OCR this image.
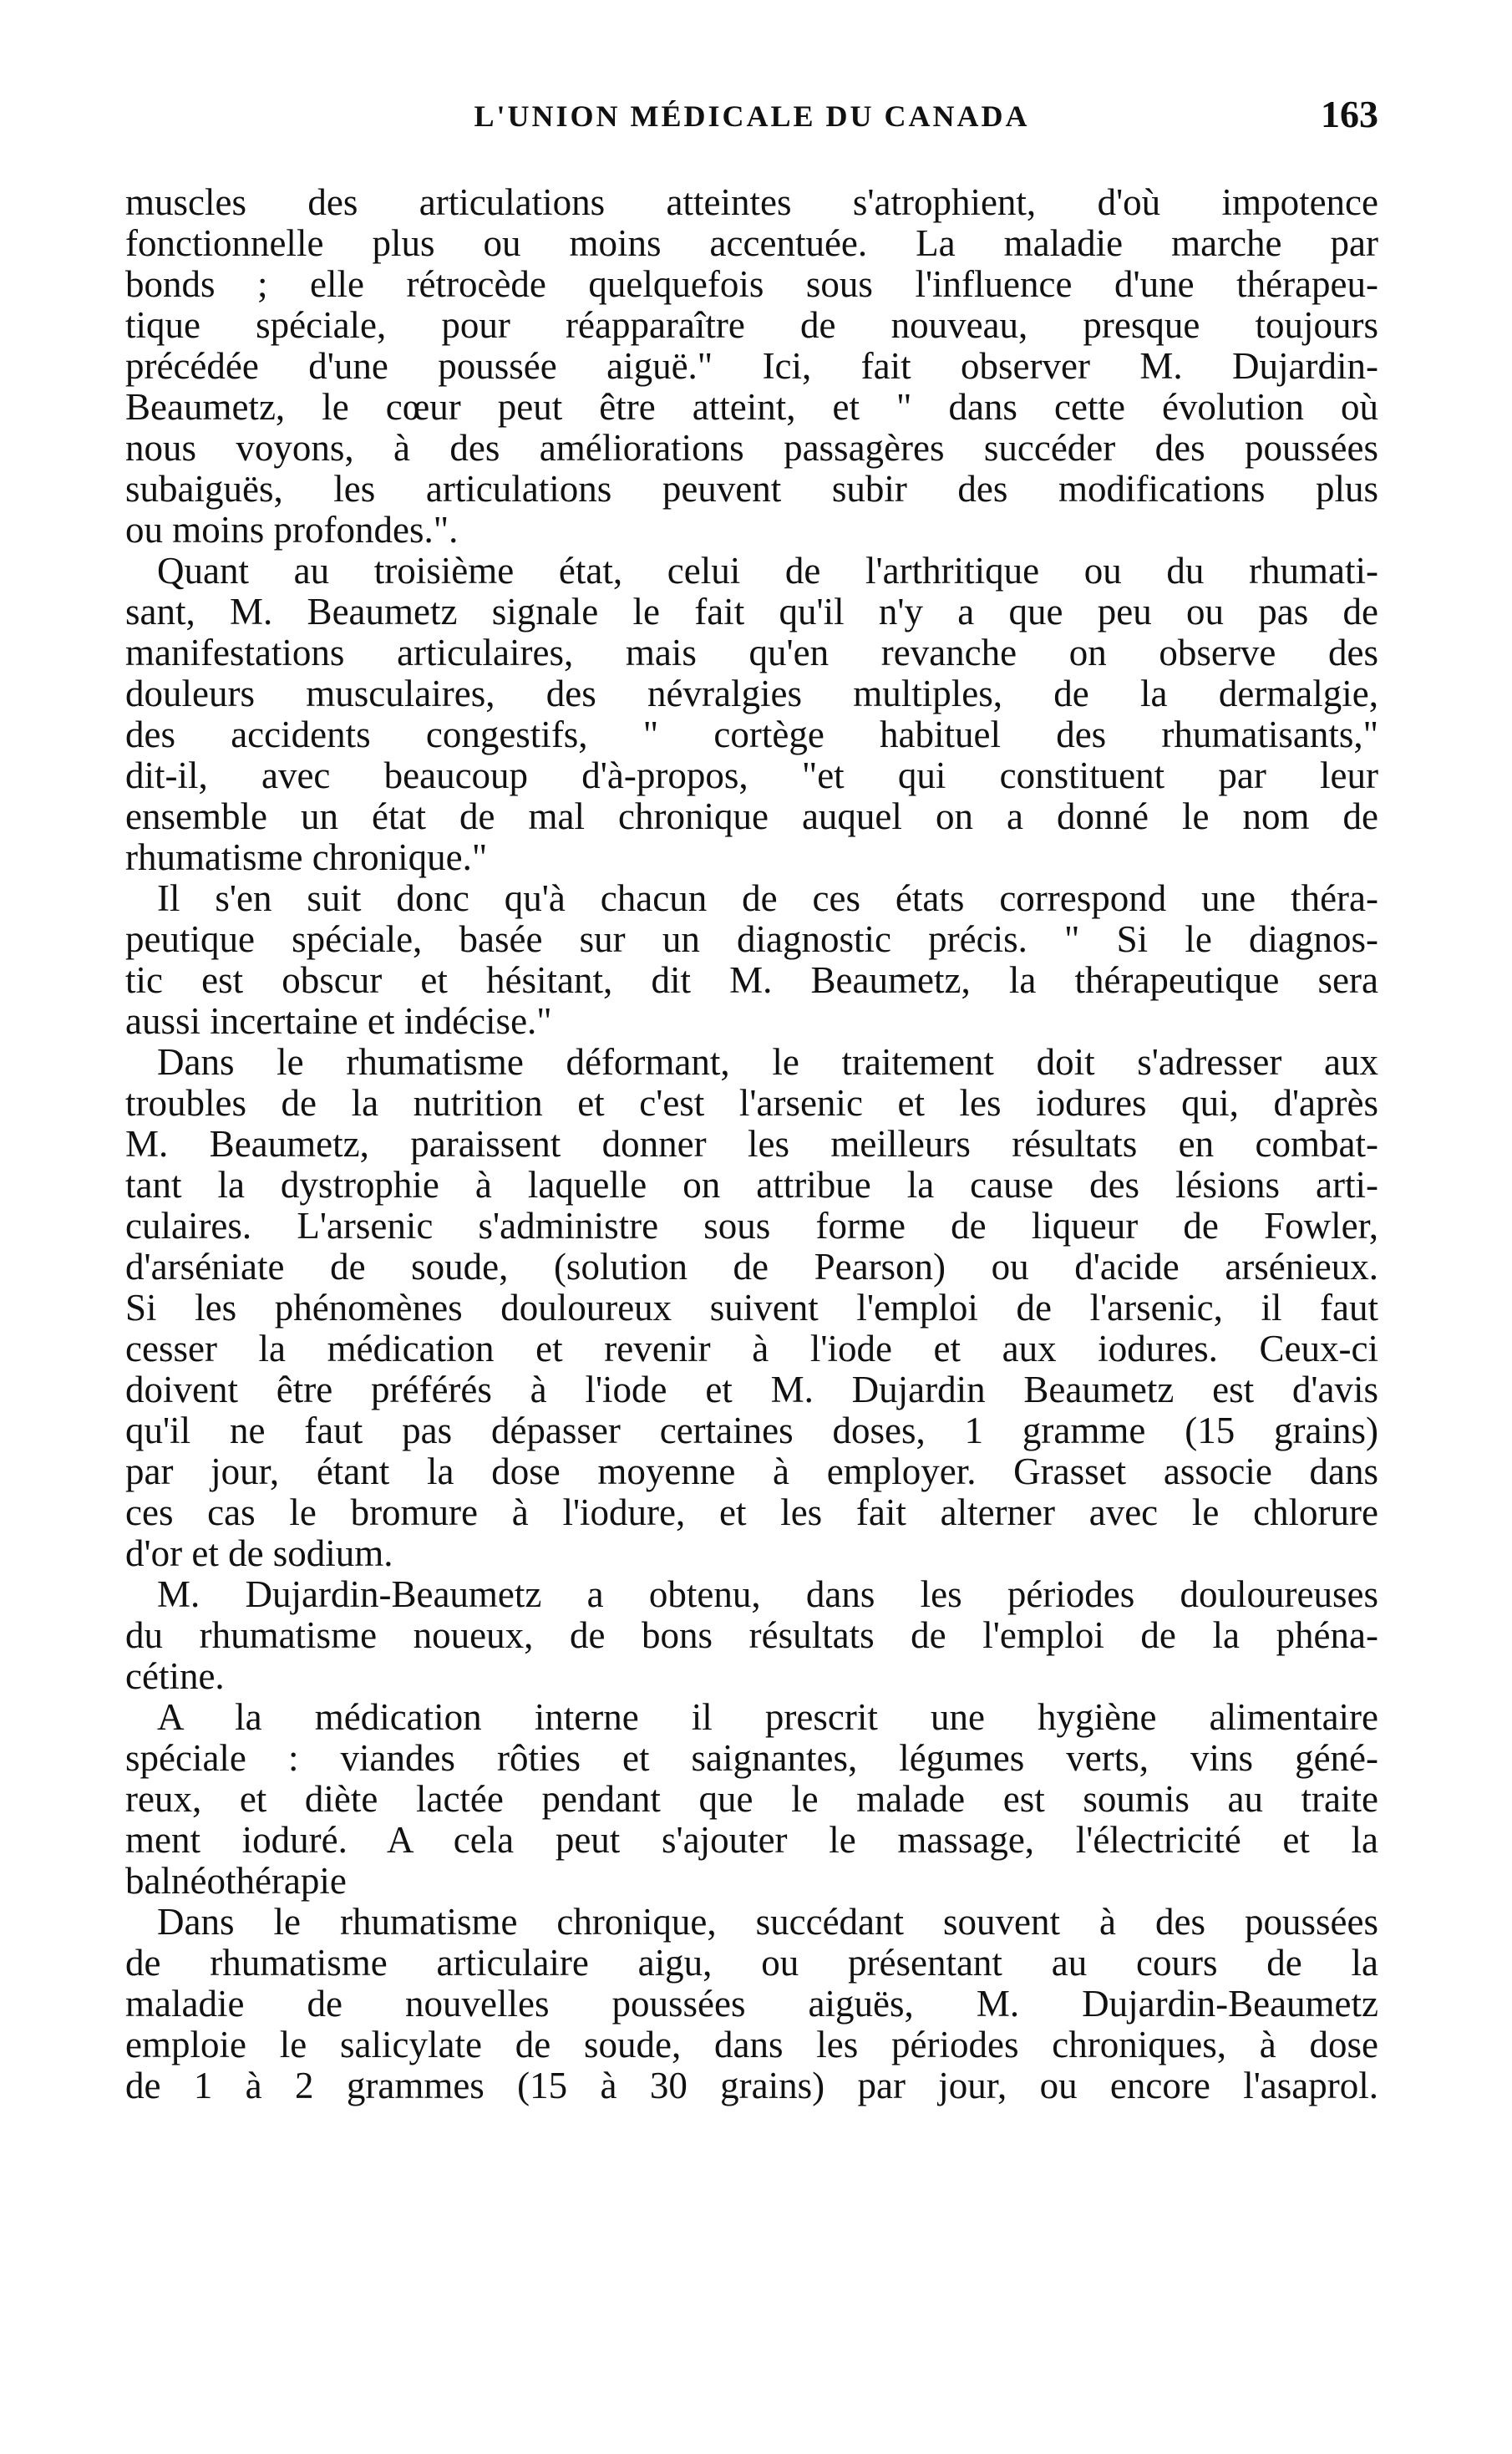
L'UNION MÉDICALE DU CANADA	163
muscles des articulations atteintes s'atrophient, d'où impotence
fonctionnelle plus ou moins accentuée. La maladie marche par
bonds ; elle rétrocède quelquefois sous l'influence d'une thérapeu-
tique spéciale, pour réapparaître de nouveau, presque toujours
précédée d'une poussée aiguë." Ici, fait observer M. Dujardin-
Beaumetz, le cœur peut être atteint, et " dans cette évolution où
nous voyons, à des améliorations passagères succéder des poussées
subaiguës, les articulations peuvent subir des modifications plus
ou moins profondes.".
Quant au troisième état, celui de l'arthritique ou du rhumati-
sant, M. Beaumetz signale le fait qu'il n'y a que peu ou pas de
manifestations articulaires, mais qu'en revanche on observe des
douleurs musculaires, des névralgies multiples, de la dermalgie,
des accidents congestifs, " cortège habituel des rhumatisants,"
dit-il, avec beaucoup d'à-propos, "et qui constituent par leur
ensemble un état de mal chronique auquel on a donné le nom de
rhumatisme chronique."
Il s'en suit donc qu'à chacun de ces états correspond une théra-
peutique spéciale, basée sur un diagnostic précis. " Si le diagnos-
tic est obscur et hésitant, dit M. Beaumetz, la thérapeutique sera
aussi incertaine et indécise."
Dans le rhumatisme déformant, le traitement doit s'adresser aux
troubles de la nutrition et c'est l'arsenic et les iodures qui, d'après
M. Beaumetz, paraissent donner les meilleurs résultats en combat-
tant la dystrophie à laquelle on attribue la cause des lésions arti-
culaires. L'arsenic s'administre sous forme de liqueur de Fowler,
d'arséniate de soude, (solution de Pearson) ou d'acide arsénieux.
Si les phénomènes douloureux suivent l'emploi de l'arsenic, il faut
cesser la médication et revenir à l'iode et aux iodures. Ceux-ci
doivent être préférés à l'iode et M. Dujardin Beaumetz est d'avis
qu'il ne faut pas dépasser certaines doses, 1 gramme (15 grains)
par jour, étant la dose moyenne à employer. Grasset associe dans
ces cas le bromure à l'iodure, et les fait alterner avec le chlorure
d'or et de sodium.
M. Dujardin-Beaumetz a obtenu, dans les périodes douloureuses
du rhumatisme noueux, de bons résultats de l'emploi de la phéna-
cétine.
A la médication interne il prescrit une hygiène alimentaire
spéciale : viandes rôties et saignantes, légumes verts, vins géné-
reux, et diète lactée pendant que le malade est soumis au traite
ment ioduré. A cela peut s'ajouter le massage, l'électricité et la
balnéothérapie
Dans le rhumatisme chronique, succédant souvent à des poussées
de rhumatisme articulaire aigu, ou présentant au cours de la
maladie de nouvelles poussées aiguës, M. Dujardin-Beaumetz
emploie le salicylate de soude, dans les périodes chroniques, à dose
de 1 à 2 grammes (15 à 30 grains) par jour, ou encore l'asaprol.
